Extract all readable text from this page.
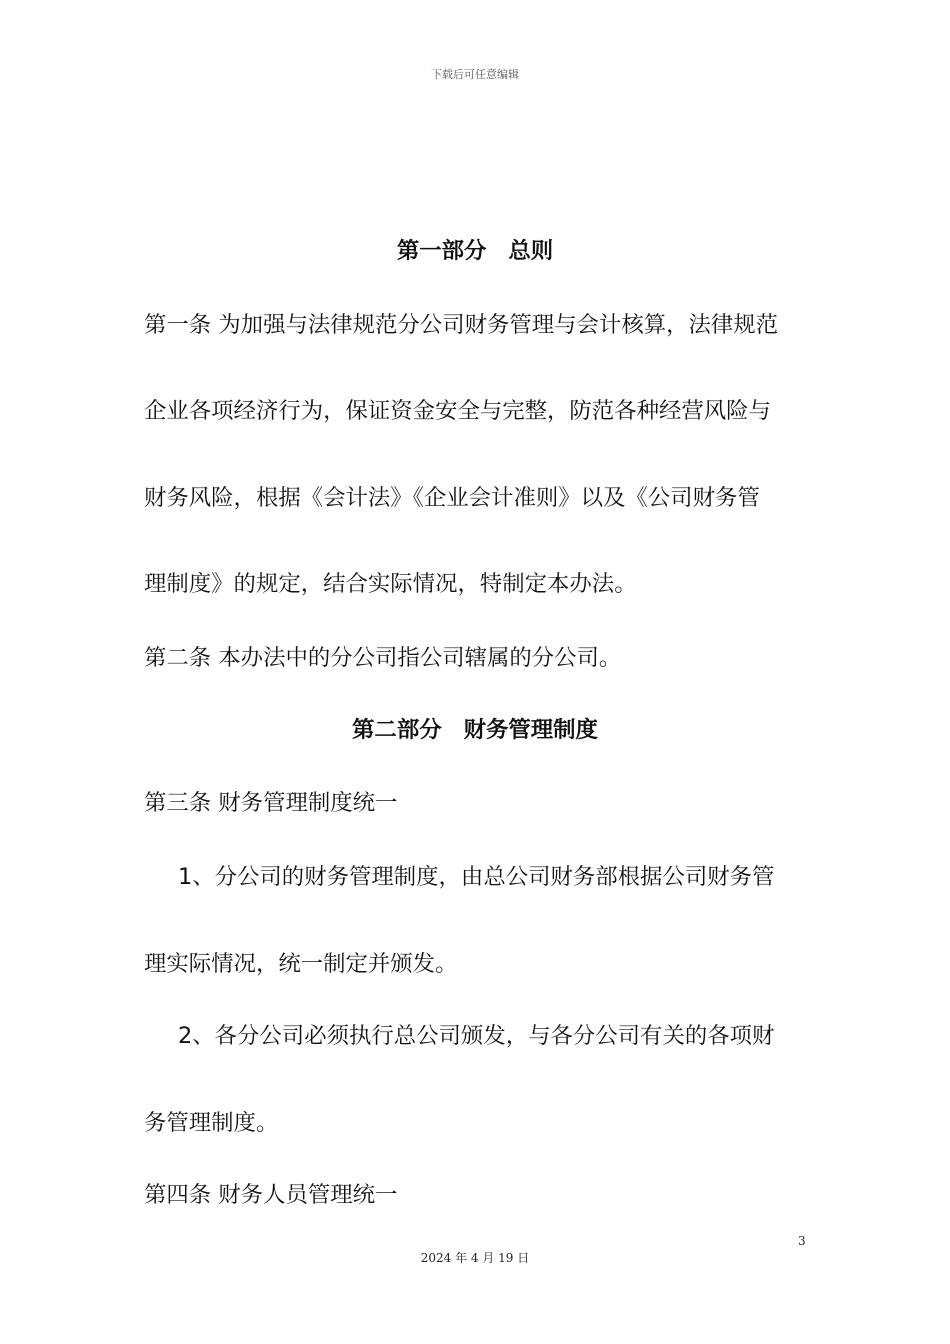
下载后可任意编辑
第一部分 总则
第一条 为加强与法律规范分公司财务管理与会计核算，法律规范
企业各项经济行为，保证资金安全与完整，防范各种经营风险与
财务风险，根据《会计法》《企业会计准则》以及《公司财务管
理制度》的规定，结合实际情况，特制定本办法。
第二条 本办法中的分公司指公司辖属的分公司。
第二部分 财务管理制度
第三条 财务管理制度统一
1、分公司的财务管理制度，由总公司财务部根据公司财务管
理实际情况，统一制定并颁发。
2、各分公司必须执行总公司颁发，与各分公司有关的各项财
务管理制度。
第四条 财务人员管理统一
3
2024 年 4 月 19 日
